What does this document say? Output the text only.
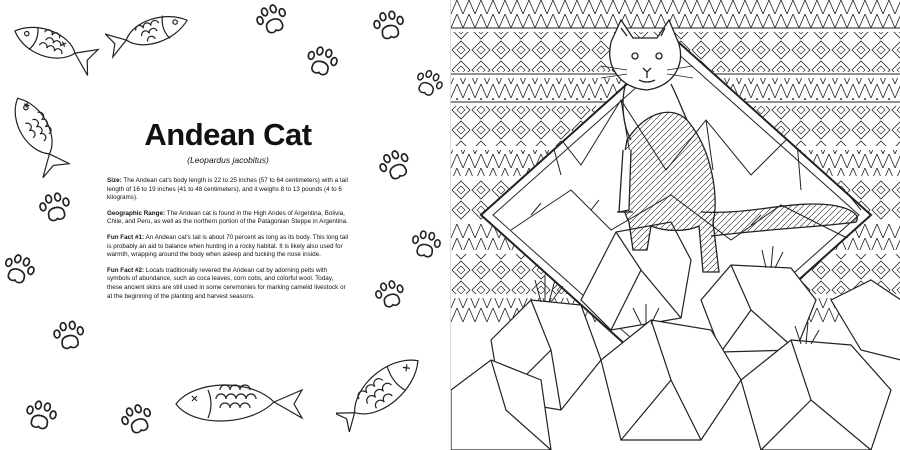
Andean Cat
(Leopardus jacobitus)

Size: The Andean cat's body length is 22 to 25 inches (57 to 64 centimeters) with a tail length of 16 to 19 inches (41 to 48 centimeters), and it weighs 8 to 13 pounds (4 to 6 kilograms).

Geographic Range: The Andean cat is found in the High Andes of Argentina, Bolivia, Chile, and Peru, as well as the northern portion of the Patagonian Steppe in Argentina.

Fun Fact #1: An Andean cat's tail is about 70 percent as long as its body. This long tail is probably an aid to balance when hunting in a rocky habitat. It is likely also used for warmth, wrapping around the body when asleep and tucking the nose inside.

Fun Fact #2: Locals traditionally revered the Andean cat by adorning pelts with symbols of abundance, such as coca leaves, corn cobs, and colorful wool. Today, these ancient skins are still used in some ceremonies for marking camelid livestock or at the beginning of the planting and harvest seasons.
